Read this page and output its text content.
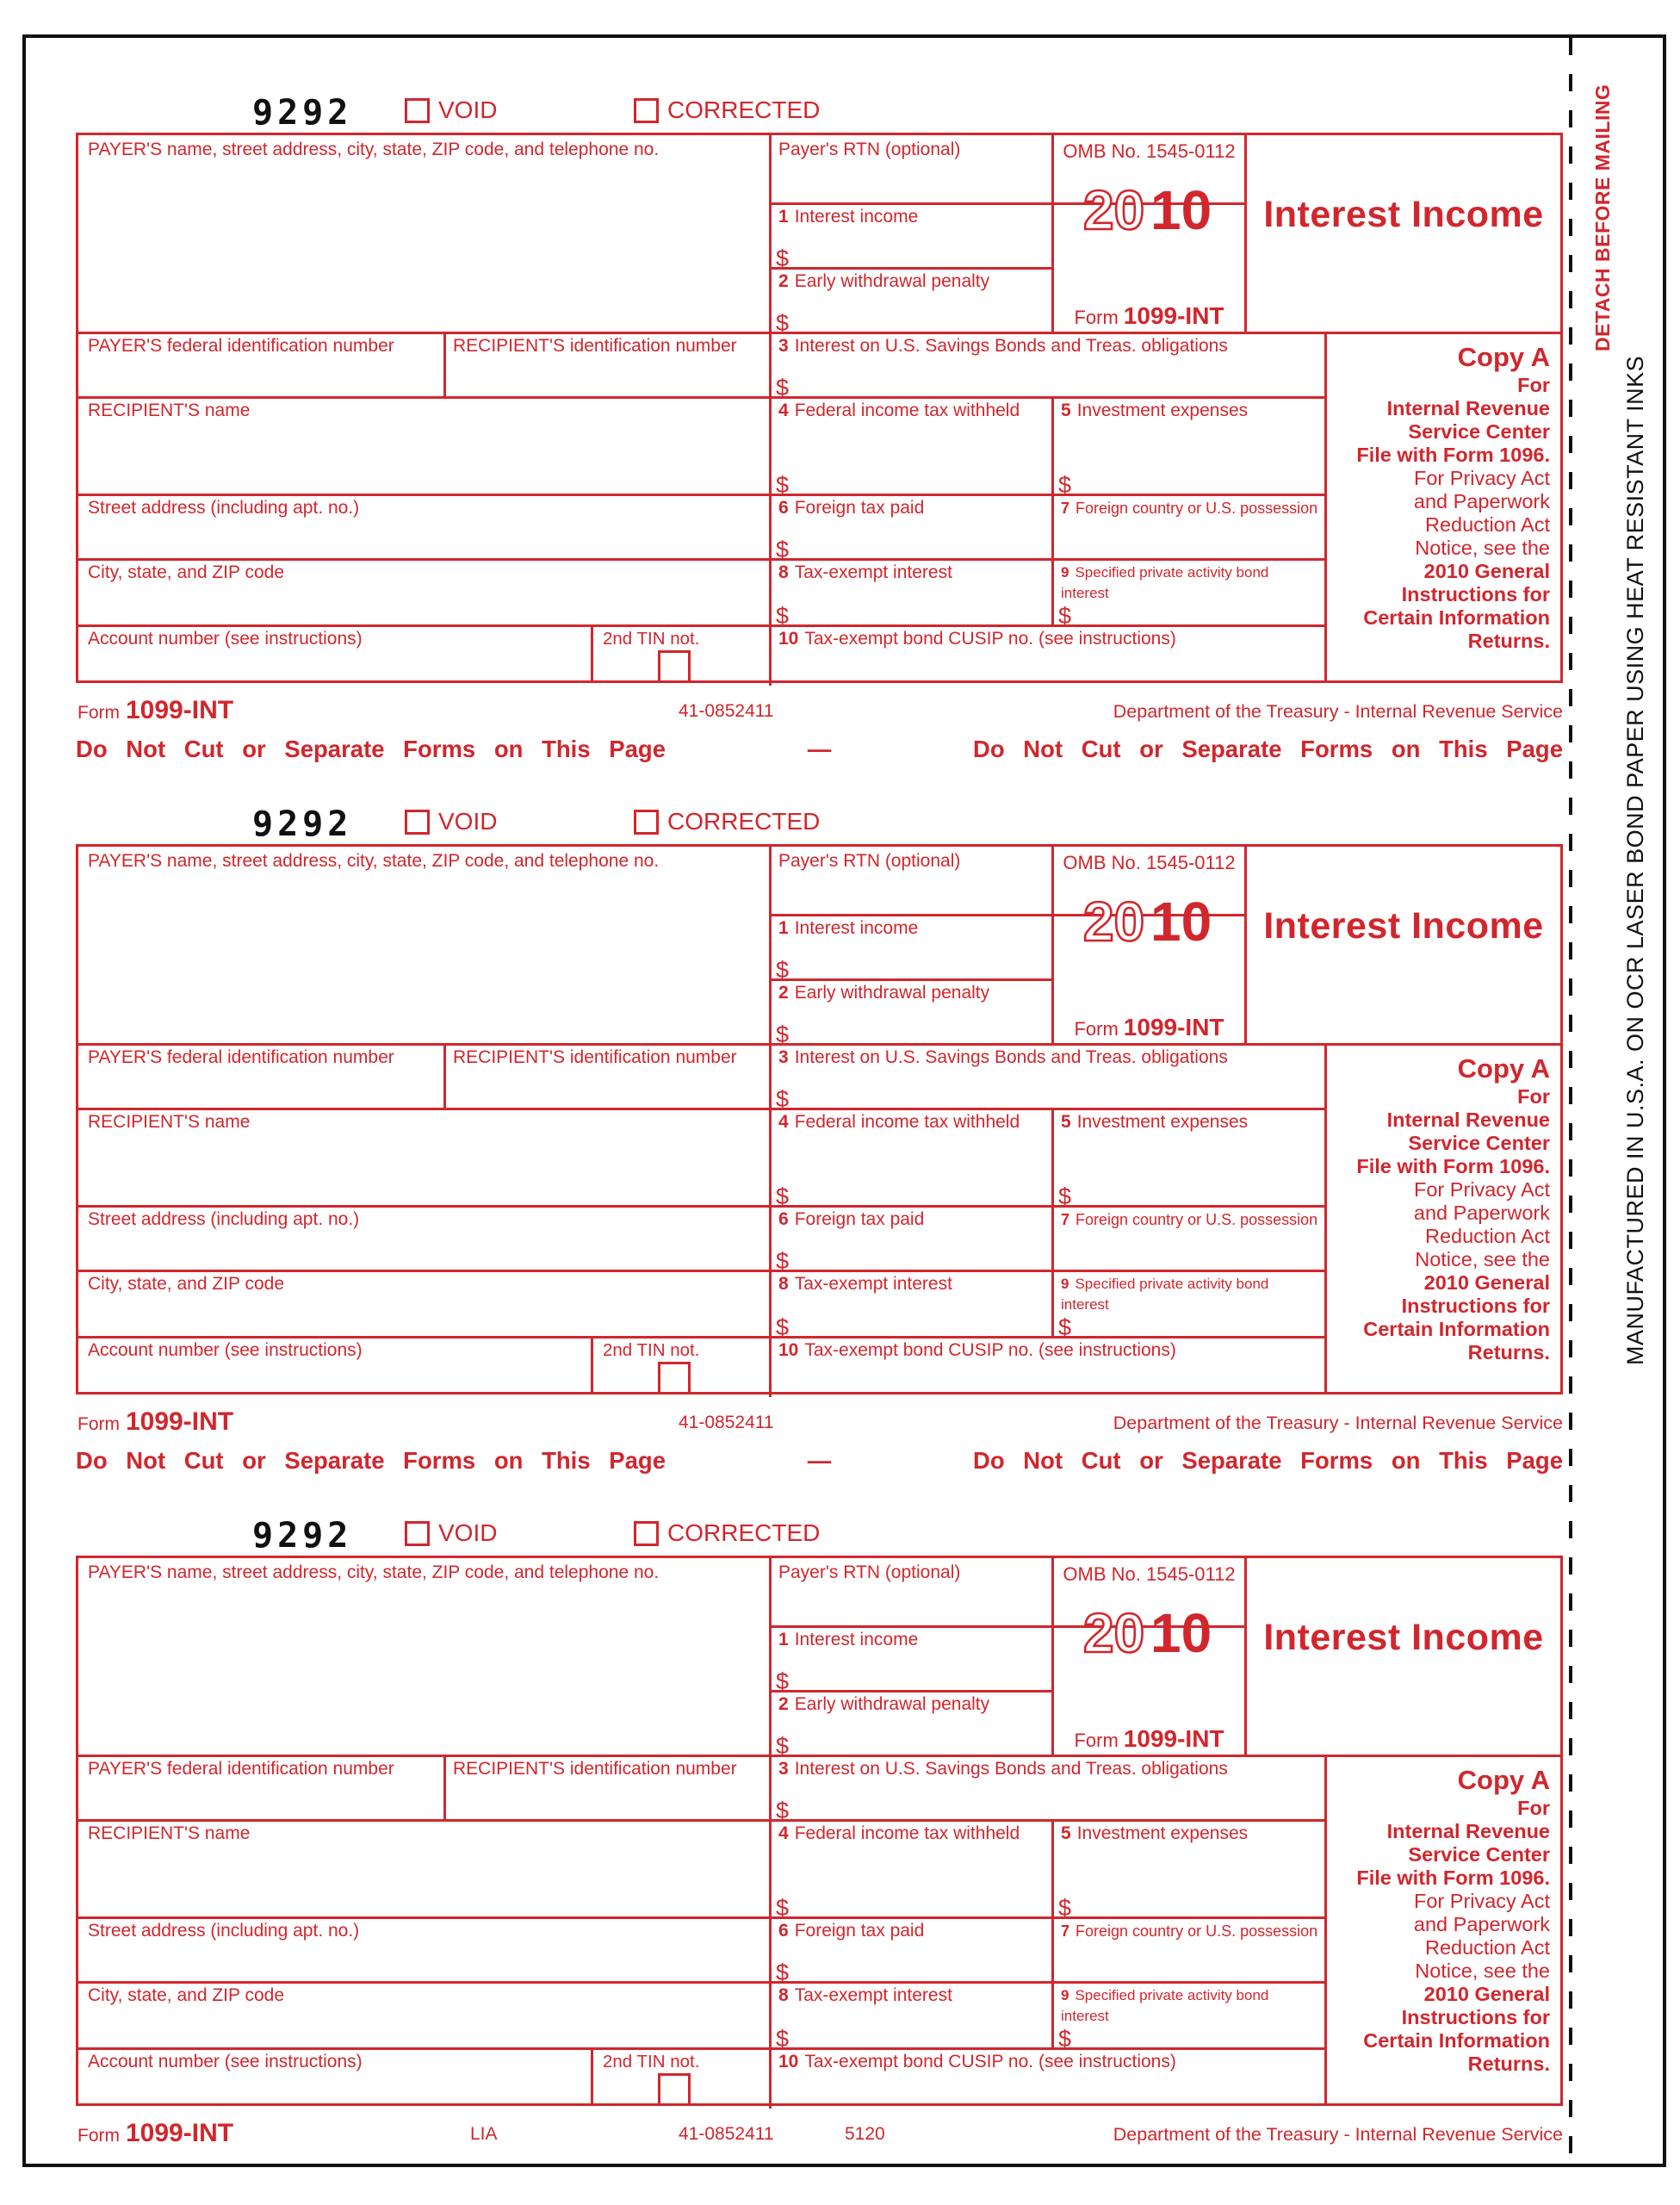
DETACH BEFORE MAILING
MANUFACTURED IN U.S.A. ON OCR LASER BOND PAPER USING HEAT RESISTANT INKS
Do Not Cut or Separate Forms on This Page	—	Do Not Cut or Separate Forms on This Page
Do Not Cut or Separate Forms on This Page	—	Do Not Cut or Separate Forms on This Page
9292	VOID	CORRECTED
PAYER'S name, street address, city, state, ZIP code, and telephone no.
PAYER'S federal identification number	RECIPIENT'S identification number
RECIPIENT'S name
Street address (including apt. no.)
City, state, and ZIP code
Account number (see instructions)	2nd TIN not.
Payer's RTN (optional)
1 Interest income
$
2 Early withdrawal penalty
$
3 Interest on U.S. Savings Bonds and Treas. obligations
$
4 Federal income tax withheld
$
5 Investment expenses
$
6 Foreign tax paid
$
7 Foreign country or U.S. possession
8 Tax-exempt interest
$
9 Specified private activity bond interest
$
10 Tax-exempt bond CUSIP no. (see instructions)
OMB No. 1545-0112
20 10
Form 1099-INT
Interest Income
Copy A
For
Internal Revenue
Service Center
File with Form 1096.
For Privacy Act
and Paperwork
Reduction Act
Notice, see the
2010 General
Instructions for
Certain Information
Returns.
Form 1099-INT	41-0852411	Department of the Treasury - Internal Revenue Service
9292	VOID	CORRECTED
PAYER'S name, street address, city, state, ZIP code, and telephone no.
PAYER'S federal identification number	RECIPIENT'S identification number
RECIPIENT'S name
Street address (including apt. no.)
City, state, and ZIP code
Account number (see instructions)	2nd TIN not.
Payer's RTN (optional)
1 Interest income
$
2 Early withdrawal penalty
$
3 Interest on U.S. Savings Bonds and Treas. obligations
$
4 Federal income tax withheld
$
5 Investment expenses
$
6 Foreign tax paid
$
7 Foreign country or U.S. possession
8 Tax-exempt interest
$
9 Specified private activity bond interest
$
10 Tax-exempt bond CUSIP no. (see instructions)
OMB No. 1545-0112
20 10
Form 1099-INT
Interest Income
Copy A
For
Internal Revenue
Service Center
File with Form 1096.
For Privacy Act
and Paperwork
Reduction Act
Notice, see the
2010 General
Instructions for
Certain Information
Returns.
Form 1099-INT	41-0852411	Department of the Treasury - Internal Revenue Service
9292	VOID	CORRECTED
PAYER'S name, street address, city, state, ZIP code, and telephone no.
PAYER'S federal identification number	RECIPIENT'S identification number
RECIPIENT'S name
Street address (including apt. no.)
City, state, and ZIP code
Account number (see instructions)	2nd TIN not.
Payer's RTN (optional)
1 Interest income
$
2 Early withdrawal penalty
$
3 Interest on U.S. Savings Bonds and Treas. obligations
$
4 Federal income tax withheld
$
5 Investment expenses
$
6 Foreign tax paid
$
7 Foreign country or U.S. possession
8 Tax-exempt interest
$
9 Specified private activity bond interest
$
10 Tax-exempt bond CUSIP no. (see instructions)
OMB No. 1545-0112
20 10
Form 1099-INT
Interest Income
Copy A
For
Internal Revenue
Service Center
File with Form 1096.
For Privacy Act
and Paperwork
Reduction Act
Notice, see the
2010 General
Instructions for
Certain Information
Returns.
Form 1099-INT	LIA	41-0852411	5120	Department of the Treasury - Internal Revenue Service
